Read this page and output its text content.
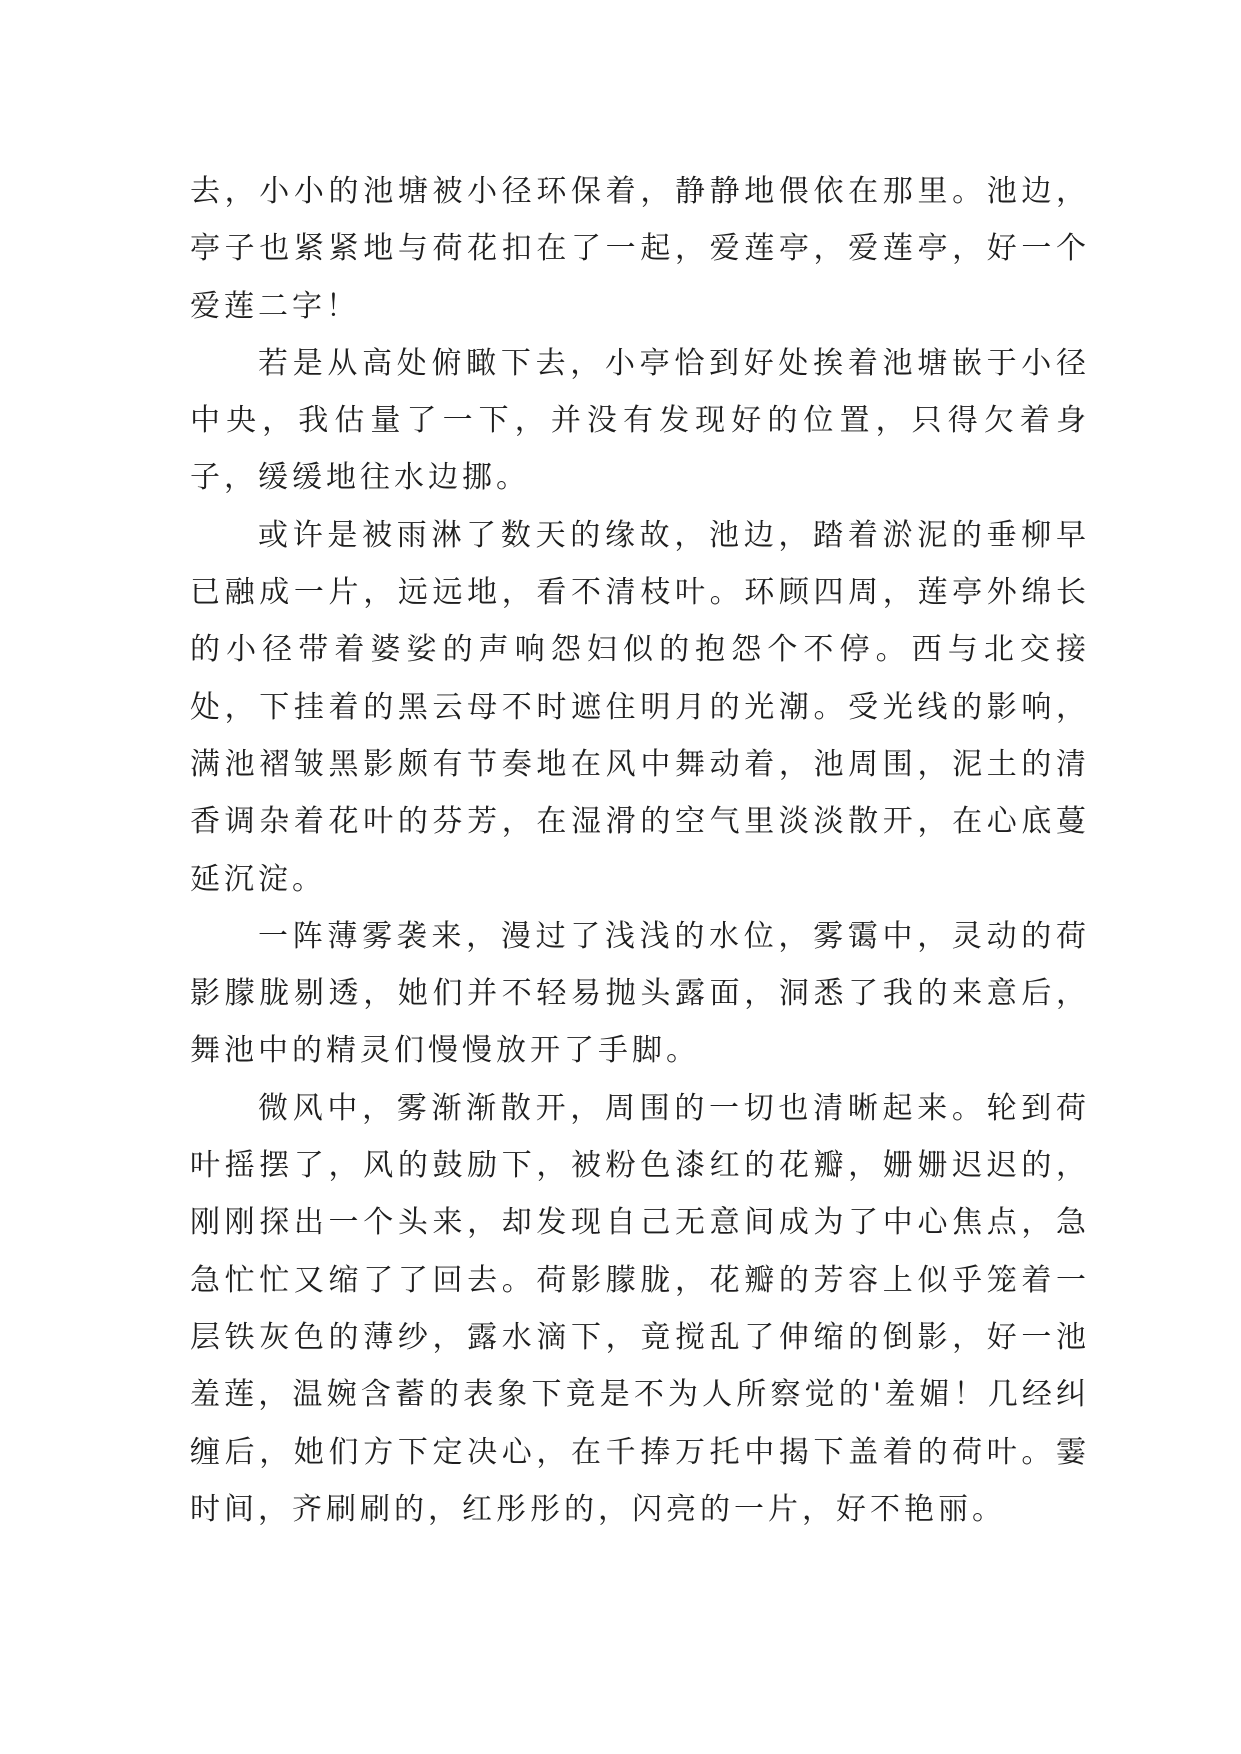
去，小小的池塘被小径环保着，静静地偎依在那里。池边，亭子也紧紧地与荷花扣在了一起，爱莲亭，爱莲亭，好一个爱莲二字！

若是从高处俯瞰下去，小亭恰到好处挨着池塘嵌于小径中央，我估量了一下，并没有发现好的位置，只得欠着身子，缓缓地往水边挪。

或许是被雨淋了数天的缘故，池边，踏着淤泥的垂柳早已融成一片，远远地，看不清枝叶。环顾四周，莲亭外绵长的小径带着婆娑的声响怨妇似的抱怨个不停。西与北交接处，下挂着的黑云母不时遮住明月的光潮。受光线的影响，满池褶皱黑影颇有节奏地在风中舞动着，池周围，泥土的清香调杂着花叶的芬芳，在湿滑的空气里淡淡散开，在心底蔓延沉淀。

一阵薄雾袭来，漫过了浅浅的水位，雾霭中，灵动的荷影朦胧剔透，她们并不轻易抛头露面，洞悉了我的来意后，舞池中的精灵们慢慢放开了手脚。

微风中，雾渐渐散开，周围的一切也清晰起来。轮到荷叶摇摆了，风的鼓励下，被粉色漆红的花瓣，姗姗迟迟的，刚刚探出一个头来，却发现自己无意间成为了中心焦点，急急忙忙又缩了了回去。荷影朦胧，花瓣的芳容上似乎笼着一层铁灰色的薄纱，露水滴下，竟搅乱了伸缩的倒影，好一池羞莲，温婉含蓄的表象下竟是不为人所察觉的'羞媚！几经纠缠后，她们方下定决心，在千捧万托中揭下盖着的荷叶。霎时间，齐刷刷的，红彤彤的，闪亮的一片，好不艳丽。
